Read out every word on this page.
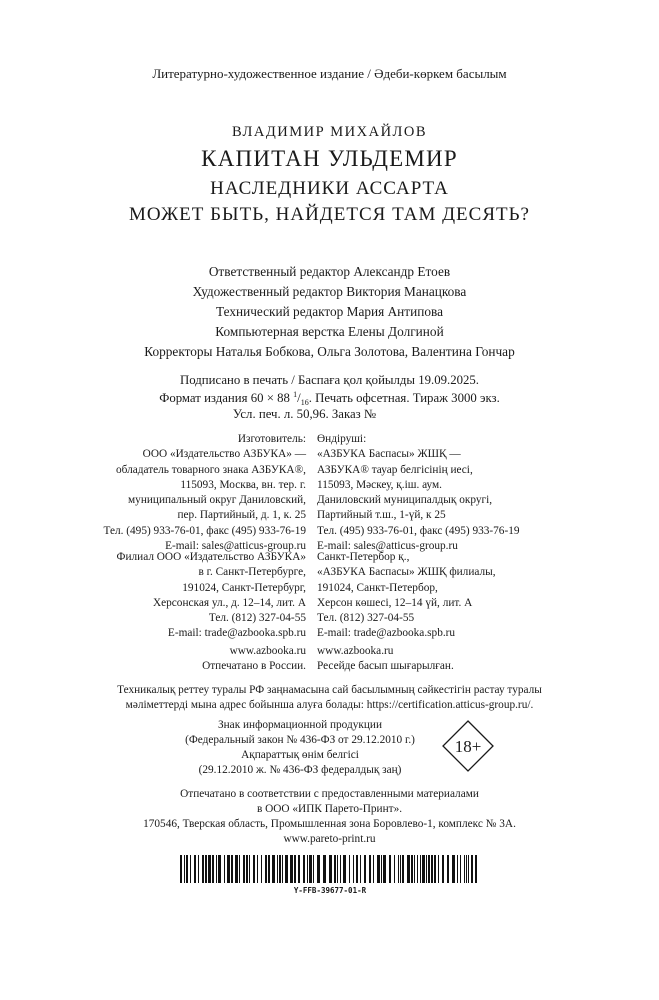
Литературно-художественное издание / Әдеби-көркем басылым
ВЛАДИМИР МИХАЙЛОВ
КАПИТАН УЛЬДЕМИР
НАСЛЕДНИКИ АССАРТА
МОЖЕТ БЫТЬ, НАЙДЕТСЯ ТАМ ДЕСЯТЬ?
Ответственный редактор Александр Етоев
Художественный редактор Виктория Манацкова
Технический редактор Мария Антипова
Компьютерная верстка Елены Долгиной
Корректоры Наталья Бобкова, Ольга Золотова, Валентина Гончар
Подписано в печать / Баспаға қол қойылды 19.09.2025.
Формат издания 60 × 88 $^1/_{16}$. Печать офсетная. Тираж 3000 экз.
Усл. печ. л. 50,96. Заказ №
Изготовитель:
ООО «Издательство АЗБУКА» —
обладатель товарного знака АЗБУКА®,
115093, Москва, вн. тер. г.
муниципальный округ Даниловский,
пер. Партийный, д. 1, к. 25
Тел. (495) 933-76-01, факс (495) 933-76-19
E-mail: sales@atticus-group.ru
Өндіруші:
«АЗБУКА Баспасы» ЖШҚ —
АЗБУКА® тауар белгісінің иесі,
115093, Мәскеу, қ.іш. аум.
Даниловский муниципалдық округі,
Партийный т.ш., 1-үй, к 25
Тел. (495) 933-76-01, факс (495) 933-76-19
E-mail: sales@atticus-group.ru
Филиал ООО «Издательство АЗБУКА»
в г. Санкт-Петербурге,
191024, Санкт-Петербург,
Херсонская ул., д. 12–14, лит. А
Тел. (812) 327-04-55
E-mail: trade@azbooka.spb.ru
Санкт-Петербор қ.,
«АЗБУКА Баспасы» ЖШҚ филиалы,
191024, Санкт-Петербор,
Херсон көшесі, 12–14 үй, лит. А
Тел. (812) 327-04-55
E-mail: trade@azbooka.spb.ru
www.azbooka.ru
Отпечатано в России.
www.azbooka.ru
Ресейде басып шығарылған.
Техникалық реттеу туралы РФ заңнамасына сай басылымның сәйкестігін растау туралы
мәліметтерді мына адрес бойынша алуға болады: https://certification.atticus-group.ru/.
Знак информационной продукции
(Федеральный закон № 436-ФЗ от 29.12.2010 г.)
Ақпараттық өнім белгісі
(29.12.2010 ж. № 436-ФЗ федералдық заң)
18+
Отпечатано в соответствии с предоставленными материалами
в ООО «ИПК Парето-Принт».
170546, Тверская область, Промышленная зона Боровлево-1, комплекс № 3А.
www.pareto-print.ru
Y-FFB-39677-01-R
